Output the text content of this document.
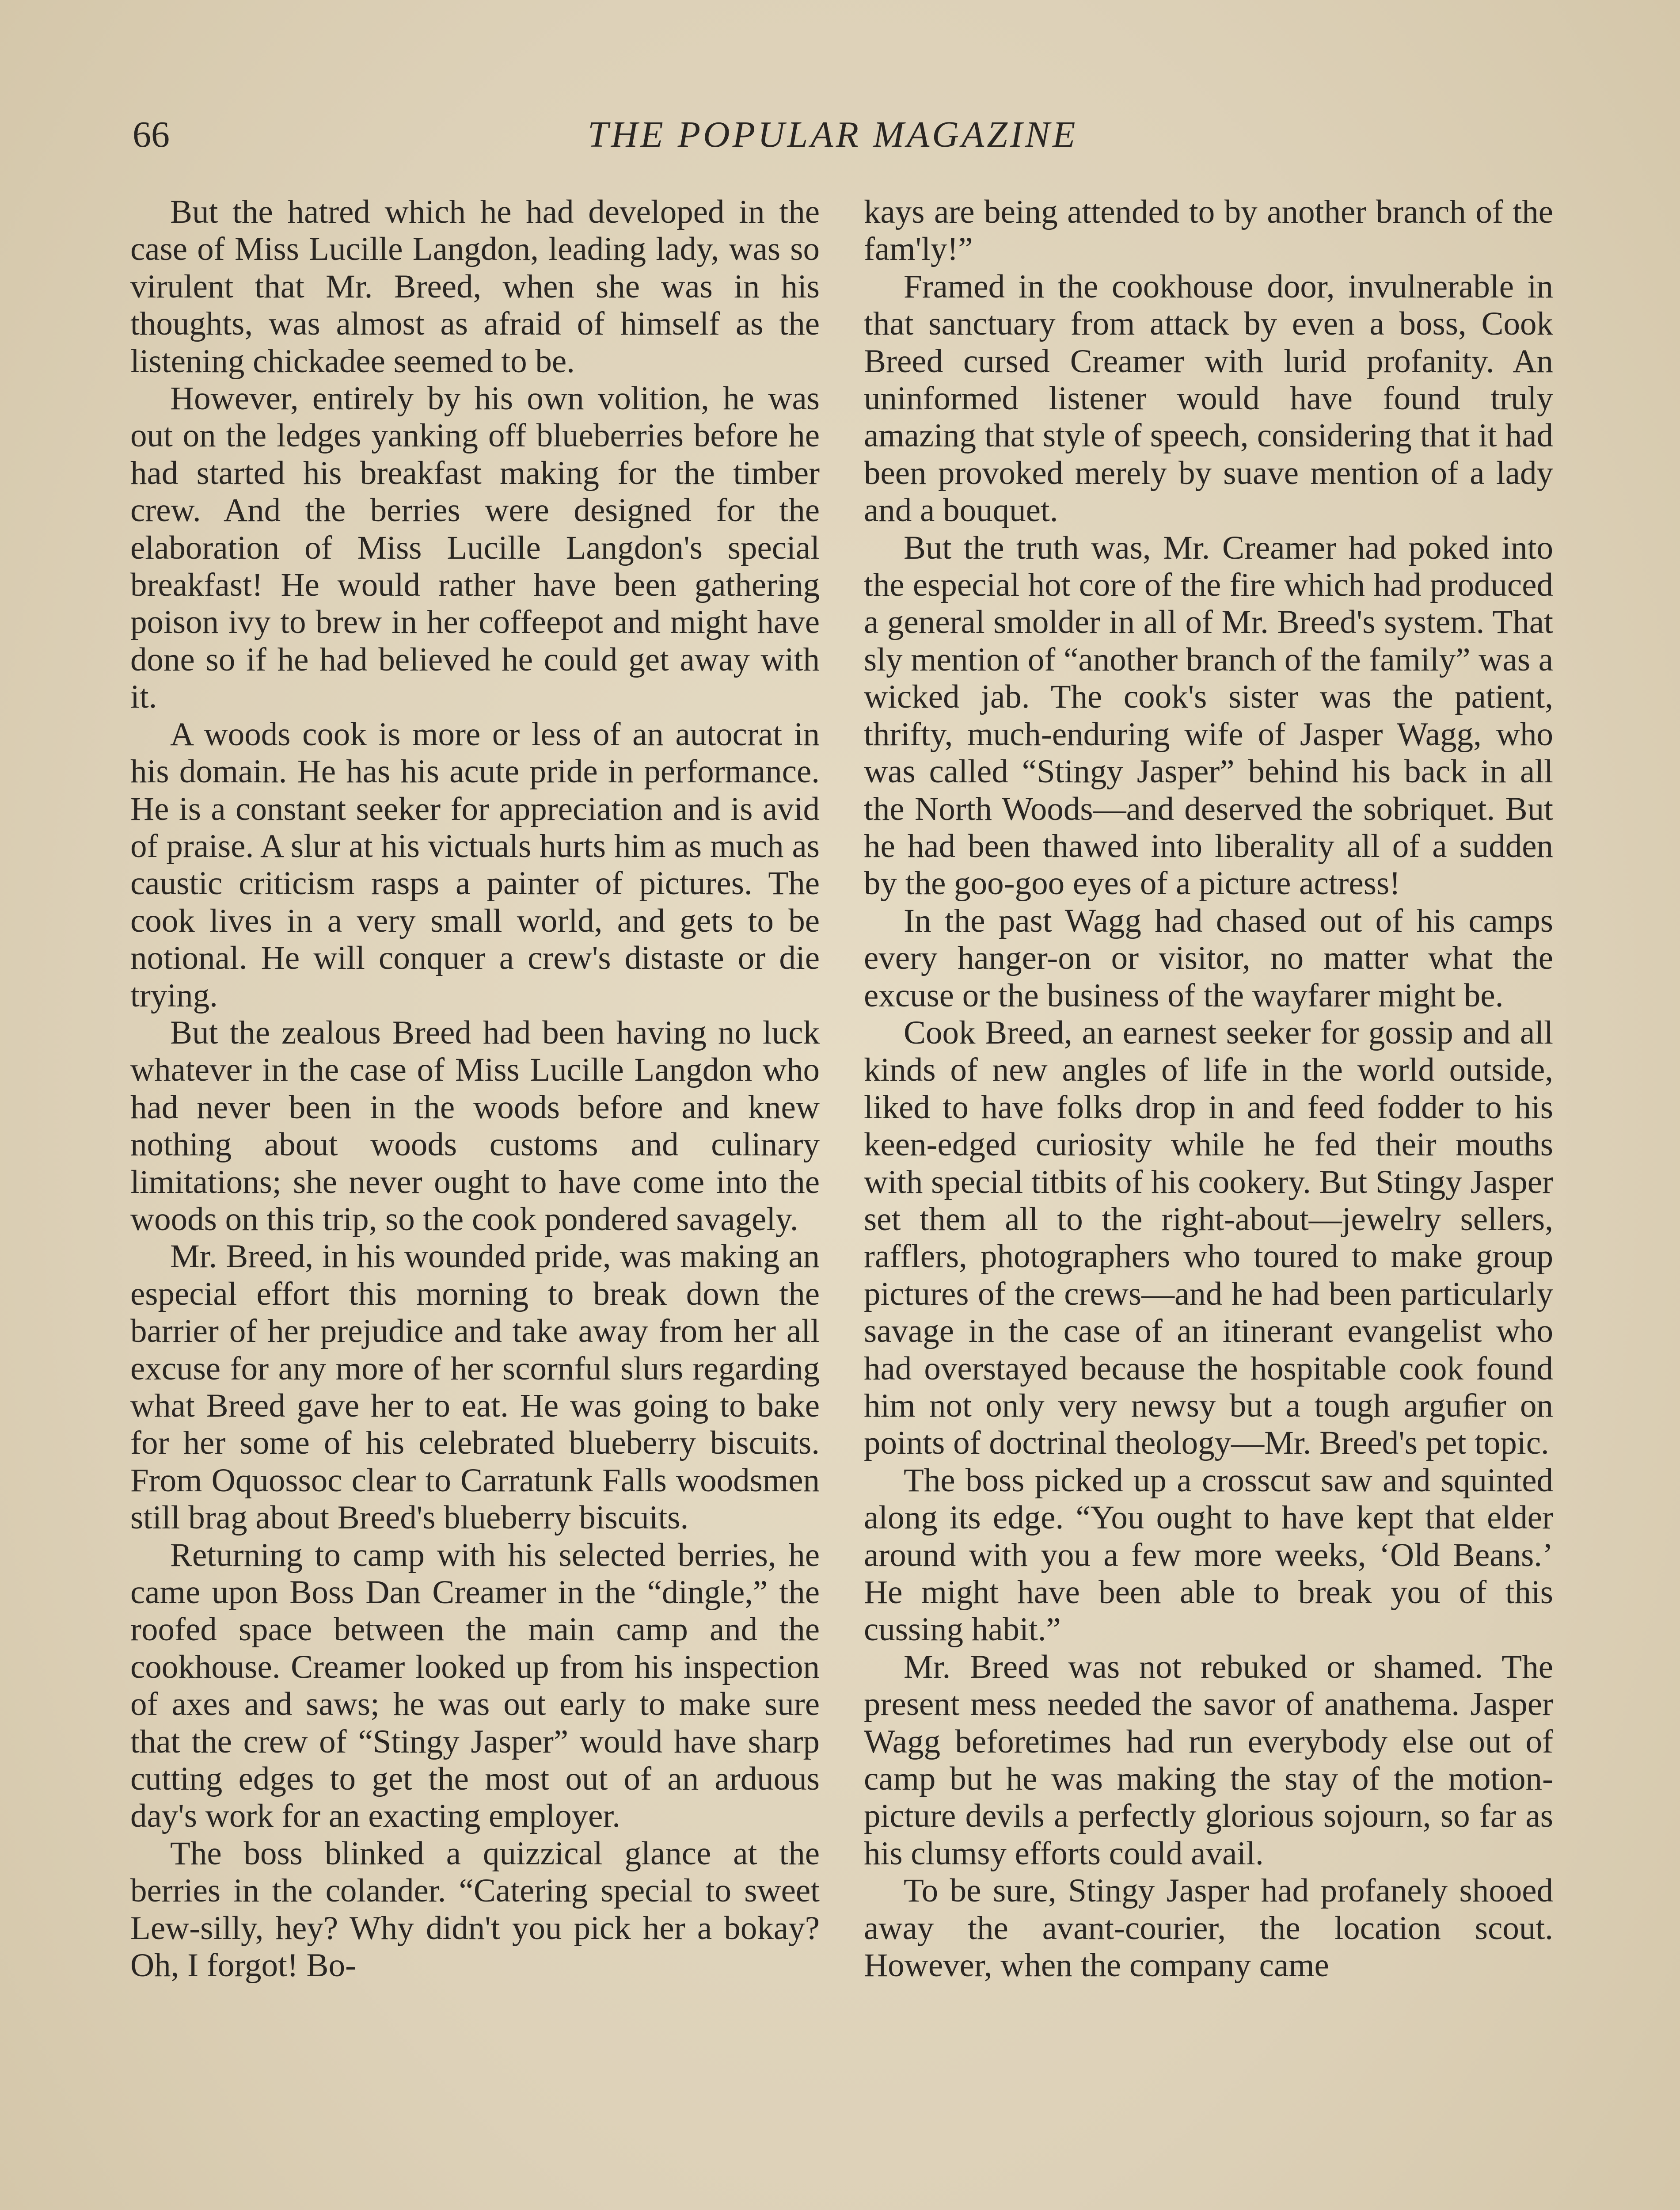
66	THE POPULAR MAGAZINE

But the hatred which he had developed in the case of Miss Lucille Langdon, leading lady, was so virulent that Mr. Breed, when she was in his thoughts, was almost as afraid of himself as the listening chickadee seemed to be.

However, entirely by his own volition, he was out on the ledges yanking off blueberries before he had started his breakfast making for the timber crew. And the berries were designed for the elaboration of Miss Lucille Langdon's special breakfast! He would rather have been gathering poison ivy to brew in her coffeepot and might have done so if he had believed he could get away with it.

A woods cook is more or less of an autocrat in his domain. He has his acute pride in performance. He is a constant seeker for appreciation and is avid of praise. A slur at his victuals hurts him as much as caustic criticism rasps a painter of pictures. The cook lives in a very small world, and gets to be notional. He will conquer a crew's distaste or die trying.

But the zealous Breed had been having no luck whatever in the case of Miss Lucille Langdon who had never been in the woods before and knew nothing about woods customs and culinary limitations; she never ought to have come into the woods on this trip, so the cook pondered savagely.

Mr. Breed, in his wounded pride, was making an especial effort this morning to break down the barrier of her prejudice and take away from her all excuse for any more of her scornful slurs regarding what Breed gave her to eat. He was going to bake for her some of his celebrated blueberry biscuits. From Oquossoc clear to Carratunk Falls woodsmen still brag about Breed's blueberry biscuits.

Returning to camp with his selected berries, he came upon Boss Dan Creamer in the “dingle,” the roofed space between the main camp and the cookhouse. Creamer looked up from his inspection of axes and saws; he was out early to make sure that the crew of “Stingy Jasper” would have sharp cutting edges to get the most out of an arduous day's work for an exacting employer.

The boss blinked a quizzical glance at the berries in the colander. “Catering special to sweet Lew-silly, hey? Why didn't you pick her a bokay? Oh, I forgot! Bo-

kays are being attended to by another branch of the fam'ly!”

Framed in the cookhouse door, invulnerable in that sanctuary from attack by even a boss, Cook Breed cursed Creamer with lurid profanity. An uninformed listener would have found truly amazing that style of speech, considering that it had been provoked merely by suave mention of a lady and a bouquet.

But the truth was, Mr. Creamer had poked into the especial hot core of the fire which had produced a general smolder in all of Mr. Breed's system. That sly mention of “another branch of the family” was a wicked jab. The cook's sister was the patient, thrifty, much-enduring wife of Jasper Wagg, who was called “Stingy Jasper” behind his back in all the North Woods—and deserved the sobriquet. But he had been thawed into liberality all of a sudden by the goo-goo eyes of a picture actress!

In the past Wagg had chased out of his camps every hanger-on or visitor, no matter what the excuse or the business of the wayfarer might be.

Cook Breed, an earnest seeker for gossip and all kinds of new angles of life in the world outside, liked to have folks drop in and feed fodder to his keen-edged curiosity while he fed their mouths with special titbits of his cookery. But Stingy Jasper set them all to the right-about—jewelry sellers, rafflers, photographers who toured to make group pictures of the crews—and he had been particularly savage in the case of an itinerant evangelist who had overstayed because the hospitable cook found him not only very newsy but a tough arguﬁer on points of doctrinal theology—Mr. Breed's pet topic.

The boss picked up a crosscut saw and squinted along its edge. “You ought to have kept that elder around with you a few more weeks, ‘Old Beans.’ He might have been able to break you of this cussing habit.”

Mr. Breed was not rebuked or shamed. The present mess needed the savor of anathema. Jasper Wagg beforetimes had run everybody else out of camp but he was making the stay of the motion-picture devils a perfectly glorious sojourn, so far as his clumsy efforts could avail.

To be sure, Stingy Jasper had profanely shooed away the avant-courier, the location scout. However, when the company came
